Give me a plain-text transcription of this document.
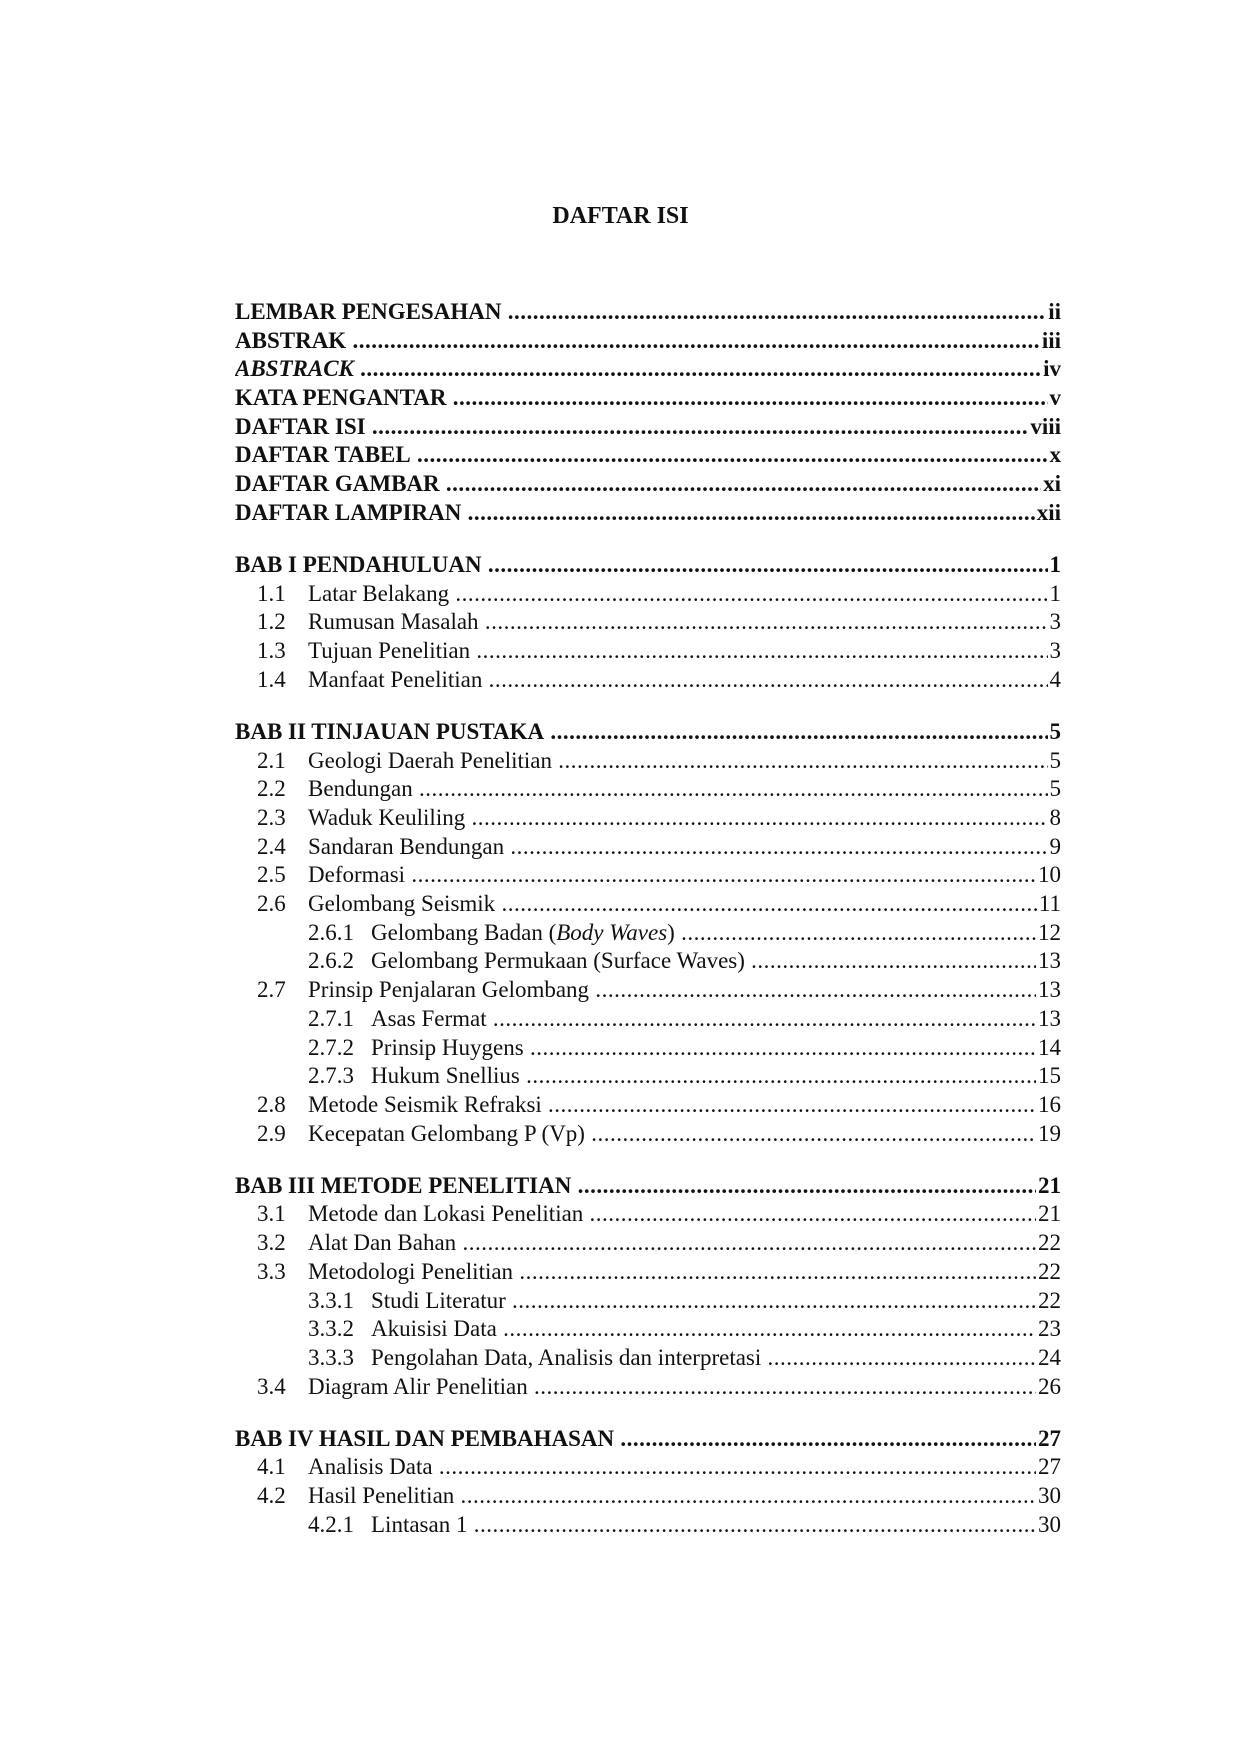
DAFTAR ISI
LEMBAR PENGESAHAN .....	ii
ABSTRAK .....	iii
ABSTRACK .....	iv
KATA PENGANTAR .....	v
DAFTAR ISI .....	viii
DAFTAR TABEL .....	x
DAFTAR GAMBAR .....	xi
DAFTAR LAMPIRAN .....	xii
BAB I PENDAHULUAN .....	1
1.1 Latar Belakang .....	1
1.2 Rumusan Masalah .....	3
1.3 Tujuan Penelitian .....	3
1.4 Manfaat Penelitian .....	4
BAB II TINJAUAN PUSTAKA .....	5
2.1 Geologi Daerah Penelitian .....	5
2.2 Bendungan .....	5
2.3 Waduk Keuliling .....	8
2.4 Sandaran Bendungan .....	9
2.5 Deformasi .....	10
2.6 Gelombang Seismik .....	11
2.6.1 Gelombang Badan (Body Waves) .....	12
2.6.2 Gelombang Permukaan (Surface Waves) .....	13
2.7 Prinsip Penjalaran Gelombang .....	13
2.7.1 Asas Fermat .....	13
2.7.2 Prinsip Huygens .....	14
2.7.3 Hukum Snellius .....	15
2.8 Metode Seismik Refraksi .....	16
2.9 Kecepatan Gelombang P (Vp) .....	19
BAB III METODE PENELITIAN .....	21
3.1 Metode dan Lokasi Penelitian .....	21
3.2 Alat Dan Bahan .....	22
3.3 Metodologi Penelitian .....	22
3.3.1 Studi Literatur .....	22
3.3.2 Akuisisi Data .....	23
3.3.3 Pengolahan Data, Analisis dan interpretasi .....	24
3.4 Diagram Alir Penelitian .....	26
BAB IV HASIL DAN PEMBAHASAN .....	27
4.1 Analisis Data .....	27
4.2 Hasil Penelitian .....	30
4.2.1 Lintasan 1 .....	30
